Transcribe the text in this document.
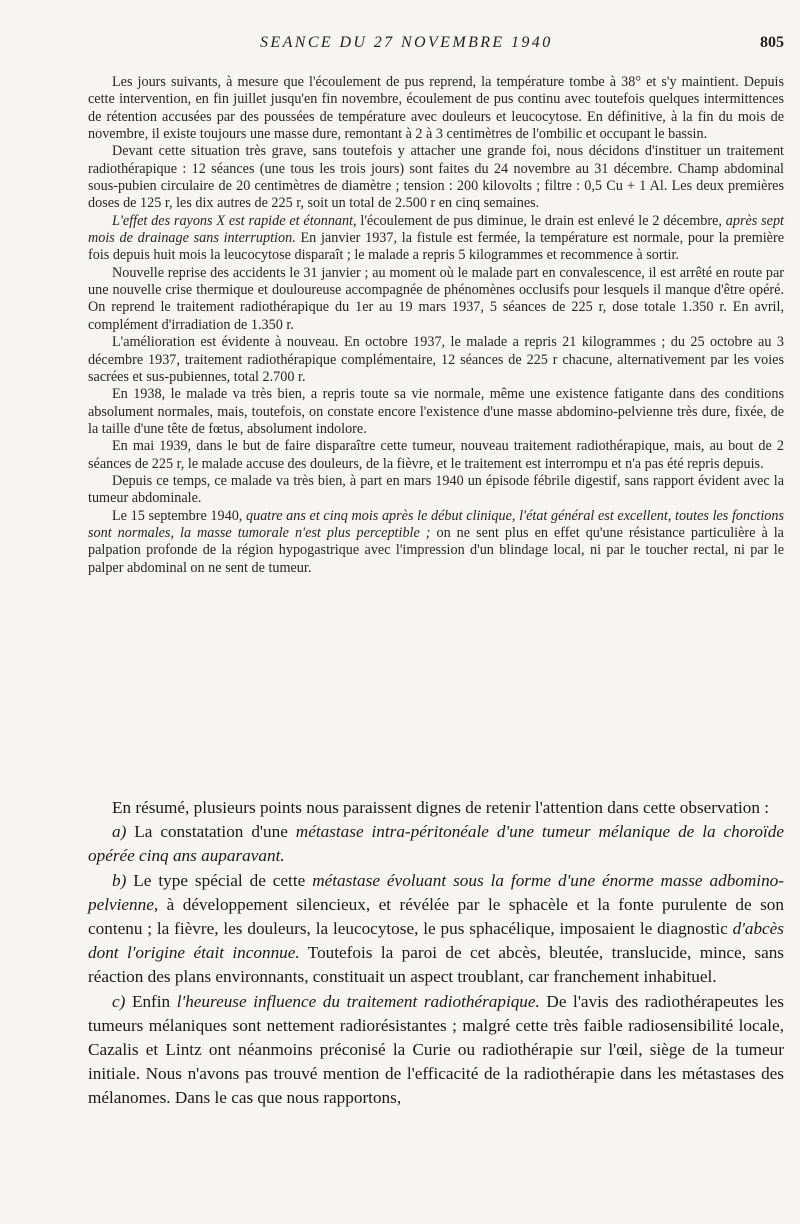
SEANCE DU 27 NOVEMBRE 1940	805

Les jours suivants, à mesure que l'écoulement de pus reprend, la température tombe à 38° et s'y maintient. Depuis cette intervention, en fin juillet jusqu'en fin novembre, écoulement de pus continu avec toutefois quelques intermittences de rétention accusées par des poussées de température avec douleurs et leucocytose. En définitive, à la fin du mois de novembre, il existe toujours une masse dure, remontant à 2 à 3 centimètres de l'ombilic et occupant le bassin.

Devant cette situation très grave, sans toutefois y attacher une grande foi, nous décidons d'instituer un traitement radiothérapique : 12 séances (une tous les trois jours) sont faites du 24 novembre au 31 décembre. Champ abdominal sous-pubien circulaire de 20 centimètres de diamètre ; tension : 200 kilovolts ; filtre : 0,5 Cu + 1 Al. Les deux premières doses de 125 r, les dix autres de 225 r, soit un total de 2.500 r en cinq semaines.

L'effet des rayons X est rapide et étonnant, l'écoulement de pus diminue, le drain est enlevé le 2 décembre, après sept mois de drainage sans interruption. En janvier 1937, la fistule est fermée, la température est normale, pour la première fois depuis huit mois la leucocytose disparaît ; le malade a repris 5 kilogrammes et recommence à sortir.

Nouvelle reprise des accidents le 31 janvier ; au moment où le malade part en convalescence, il est arrêté en route par une nouvelle crise thermique et douloureuse accompagnée de phénomènes occlusifs pour lesquels il manque d'être opéré. On reprend le traitement radiothérapique du 1er au 19 mars 1937, 5 séances de 225 r, dose totale 1.350 r. En avril, complément d'irradiation de 1.350 r.

L'amélioration est évidente à nouveau. En octobre 1937, le malade a repris 21 kilogrammes ; du 25 octobre au 3 décembre 1937, traitement radiothérapique complémentaire, 12 séances de 225 r chacune, alternativement par les voies sacrées et sus-pubiennes, total 2.700 r.

En 1938, le malade va très bien, a repris toute sa vie normale, même une existence fatigante dans des conditions absolument normales, mais, toutefois, on constate encore l'existence d'une masse abdomino-pelvienne très dure, fixée, de la taille d'une tête de fœtus, absolument indolore.

En mai 1939, dans le but de faire disparaître cette tumeur, nouveau traitement radiothérapique, mais, au bout de 2 séances de 225 r, le malade accuse des douleurs, de la fièvre, et le traitement est interrompu et n'a pas été repris depuis.

Depuis ce temps, ce malade va très bien, à part en mars 1940 un épisode fébrile digestif, sans rapport évident avec la tumeur abdominale.

Le 15 septembre 1940, quatre ans et cinq mois après le début clinique, l'état général est excellent, toutes les fonctions sont normales, la masse tumorale n'est plus perceptible ; on ne sent plus en effet qu'une résistance particulière à la palpation profonde de la région hypogastrique avec l'impression d'un blindage local, ni par le toucher rectal, ni par le palper abdominal on ne sent de tumeur.

En résumé, plusieurs points nous paraissent dignes de retenir l'attention dans cette observation :

a) La constatation d'une métastase intra-péritonéale d'une tumeur mélanique de la choroïde opérée cinq ans auparavant.

b) Le type spécial de cette métastase évoluant sous la forme d'une énorme masse adbomino-pelvienne, à développement silencieux, et révélée par le sphacèle et la fonte purulente de son contenu ; la fièvre, les douleurs, la leucocytose, le pus sphacélique, imposaient le diagnostic d'abcès dont l'origine était inconnue. Toutefois la paroi de cet abcès, bleutée, translucide, mince, sans réaction des plans environnants, constituait un aspect troublant, car franchement inhabituel.

c) Enfin l'heureuse influence du traitement radiothérapique. De l'avis des radiothérapeutes les tumeurs mélaniques sont nettement radiorésistantes ; malgré cette très faible radiosensibilité locale, Cazalis et Lintz ont néanmoins préconisé la Curie ou radiothérapie sur l'œil, siège de la tumeur initiale. Nous n'avons pas trouvé mention de l'efficacité de la radiothérapie dans les métastases des mélanomes. Dans le cas que nous rapportons,
